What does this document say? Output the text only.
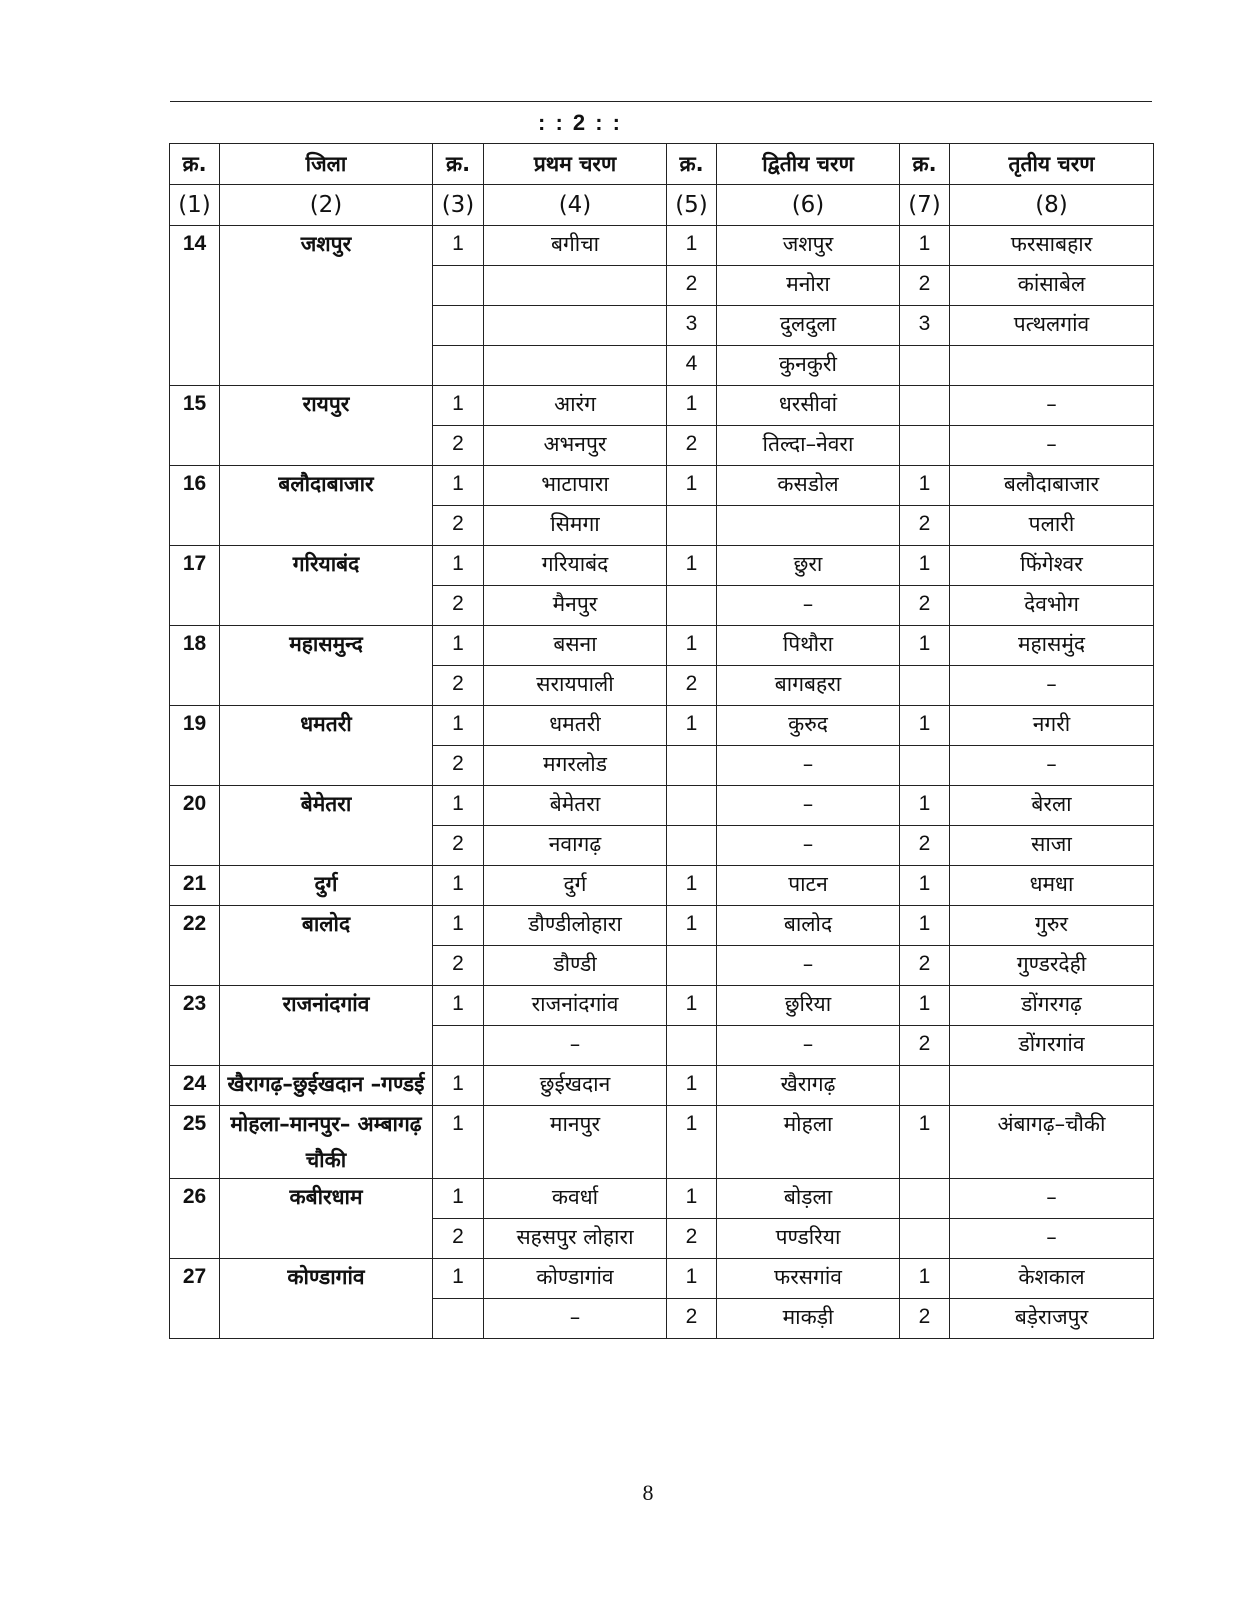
: : 2 : :
क्र.	जिला	क्र.	प्रथम चरण	क्र.	द्वितीय चरण	क्र.	तृतीय चरण
(1)	(2)	(3)	(4)	(5)	(6)	(7)	(8)
14	जशपुर	1	बगीचा	1	जशपुर	1	फरसाबहार
				2	मनोरा	2	कांसाबेल
				3	दुलदुला	3	पत्थलगांव
				4	कुनकुरी		
15	रायपुर	1	आरंग	1	धरसीवां		–
		2	अभनपुर	2	तिल्दा–नेवरा		–
16	बलौदाबाजार	1	भाटापारा	1	कसडोल	1	बलौदाबाजार
		2	सिमगा			2	पलारी
17	गरियाबंद	1	गरियाबंद	1	छुरा	1	फिंगेश्वर
		2	मैनपुर		–	2	देवभोग
18	महासमुन्द	1	बसना	1	पिथौरा	1	महासमुंद
		2	सरायपाली	2	बागबहरा		–
19	धमतरी	1	धमतरी	1	कुरुद	1	नगरी
		2	मगरलोड		–		–
20	बेमेतरा	1	बेमेतरा		–	1	बेरला
		2	नवागढ़		–	2	साजा
21	दुर्ग	1	दुर्ग	1	पाटन	1	धमधा
22	बालोद	1	डौण्डीलोहारा	1	बालोद	1	गुरुर
		2	डौण्डी		–	2	गुण्डरदेही
23	राजनांदगांव	1	राजनांदगांव	1	छुरिया	1	डोंगरगढ़
			–		–	2	डोंगरगांव
24	खैरागढ़–छुईखदान –गण्डई	1	छुईखदान	1	खैरागढ़		
25	मोहला–मानपुर– अम्बागढ़ चौकी	1	मानपुर	1	मोहला	1	अंबागढ़–चौकी
26	कबीरधाम	1	कवर्धा	1	बोड़ला		–
		2	सहसपुर लोहारा	2	पण्डरिया		–
27	कोण्डागांव	1	कोण्डागांव	1	फरसगांव	1	केशकाल
			–	2	माकड़ी	2	बड़ेराजपुर
8
